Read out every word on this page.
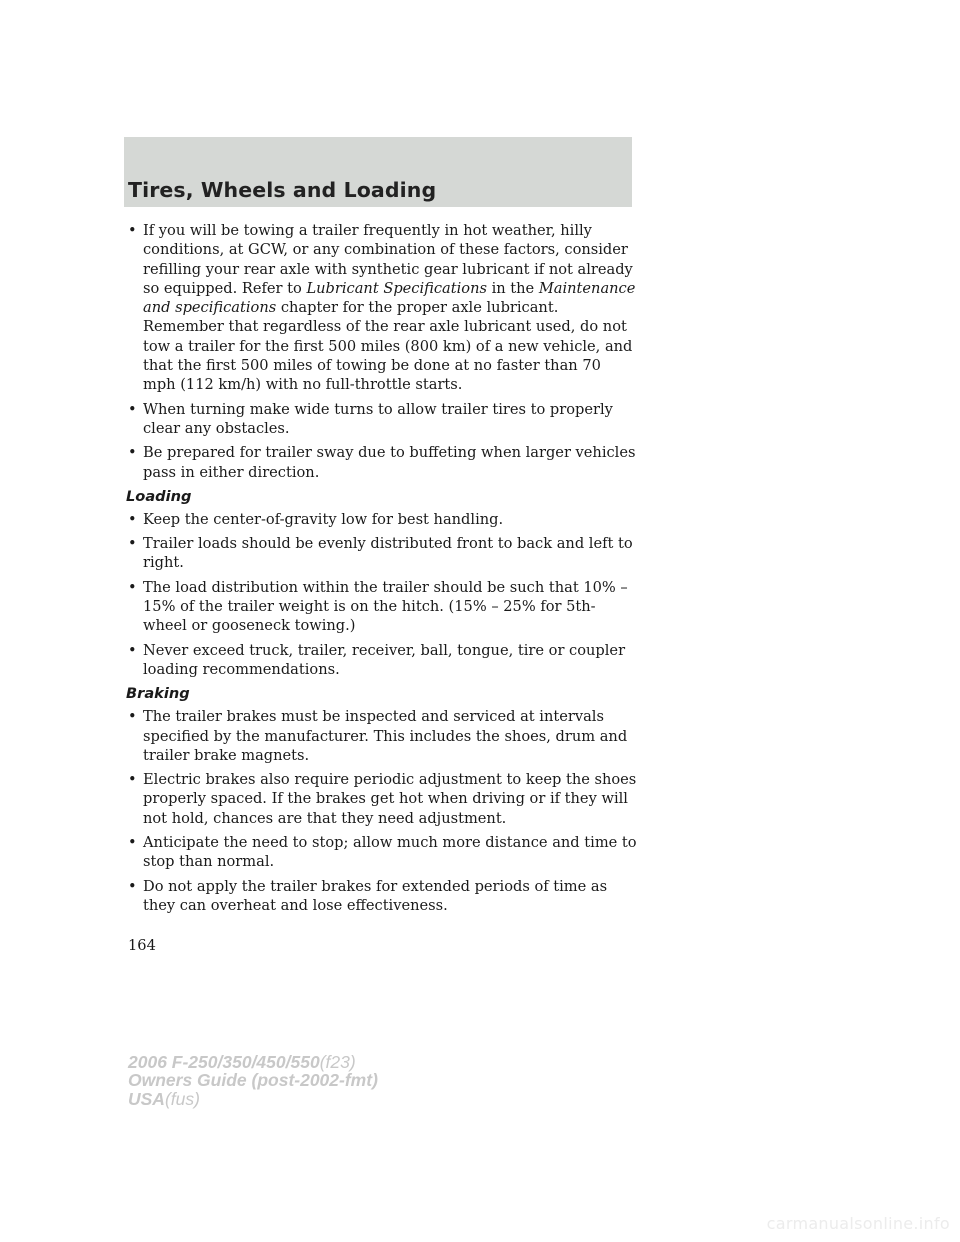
Tires, Wheels and Loading

• If you will be towing a trailer frequently in hot weather, hilly conditions, at GCW, or any combination of these factors, consider refilling your rear axle with synthetic gear lubricant if not already so equipped. Refer to Lubricant Specifications in the Maintenance and specifications chapter for the proper axle lubricant. Remember that regardless of the rear axle lubricant used, do not tow a trailer for the first 500 miles (800 km) of a new vehicle, and that the first 500 miles of towing be done at no faster than 70 mph (112 km/h) with no full-throttle starts.

• When turning make wide turns to allow trailer tires to properly clear any obstacles.

• Be prepared for trailer sway due to buffeting when larger vehicles pass in either direction.

Loading

• Keep the center-of-gravity low for best handling.

• Trailer loads should be evenly distributed front to back and left to right.

• The load distribution within the trailer should be such that 10% – 15% of the trailer weight is on the hitch. (15% – 25% for 5th-wheel or gooseneck towing.)

• Never exceed truck, trailer, receiver, ball, tongue, tire or coupler loading recommendations.

Braking

• The trailer brakes must be inspected and serviced at intervals specified by the manufacturer. This includes the shoes, drum and trailer brake magnets.

• Electric brakes also require periodic adjustment to keep the shoes properly spaced. If the brakes get hot when driving or if they will not hold, chances are that they need adjustment.

• Anticipate the need to stop; allow much more distance and time to stop than normal.

• Do not apply the trailer brakes for extended periods of time as they can overheat and lose effectiveness.

164
2006 F-250/350/450/550(f23)
Owners Guide (post-2002-fmt)
USA(fus)
carmanualsonline.info
